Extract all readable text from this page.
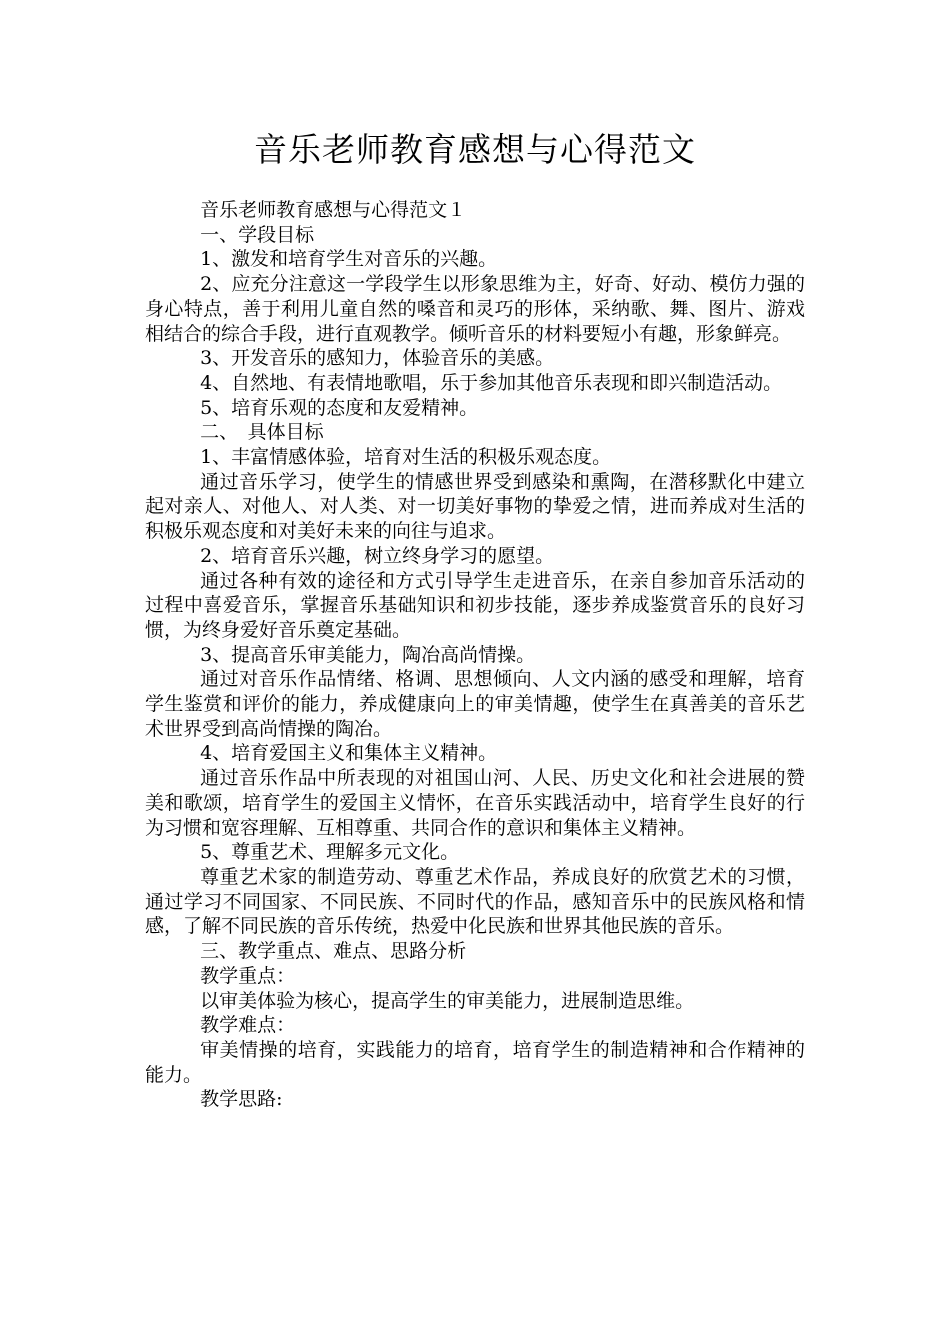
音乐老师教育感想与心得范文

音乐老师教育感想与心得范文１

一、学段目标

1、激发和培育学生对音乐的兴趣。

2、应充分注意这一学段学生以形象思维为主，好奇、好动、模仿力强的身心特点，善于利用儿童自然的嗓音和灵巧的形体，采纳歌、舞、图片、游戏相结合的综合手段，进行直观教学。倾听音乐的材料要短小有趣，形象鲜亮。

3、开发音乐的感知力，体验音乐的美感。

4、自然地、有表情地歌唱，乐于参加其他音乐表现和即兴制造活动。

5、培育乐观的态度和友爱精神。

二、　具体目标

1、丰富情感体验，培育对生活的积极乐观态度。

通过音乐学习，使学生的情感世界受到感染和熏陶，在潜移默化中建立起对亲人、对他人、对人类、对一切美好事物的挚爱之情，进而养成对生活的积极乐观态度和对美好未来的向往与追求。

2、培育音乐兴趣，树立终身学习的愿望。

通过各种有效的途径和方式引导学生走进音乐，在亲自参加音乐活动的过程中喜爱音乐，掌握音乐基础知识和初步技能，逐步养成鉴赏音乐的良好习惯，为终身爱好音乐奠定基础。

3、提高音乐审美能力，陶冶高尚情操。

通过对音乐作品情绪、格调、思想倾向、人文内涵的感受和理解，培育学生鉴赏和评价的能力，养成健康向上的审美情趣，使学生在真善美的音乐艺术世界受到高尚情操的陶冶。

4、培育爱国主义和集体主义精神。

通过音乐作品中所表现的对祖国山河、人民、历史文化和社会进展的赞美和歌颂，培育学生的爱国主义情怀，在音乐实践活动中，培育学生良好的行为习惯和宽容理解、互相尊重、共同合作的意识和集体主义精神。

5、尊重艺术、理解多元文化。

尊重艺术家的制造劳动、尊重艺术作品，养成良好的欣赏艺术的习惯，通过学习不同国家、不同民族、不同时代的作品，感知音乐中的民族风格和情感，了解不同民族的音乐传统，热爱中化民族和世界其他民族的音乐。

三、教学重点、难点、思路分析

教学重点：

以审美体验为核心，提高学生的审美能力，进展制造思维。

教学难点：

审美情操的培育，实践能力的培育，培育学生的制造精神和合作精神的能力。

教学思路:
